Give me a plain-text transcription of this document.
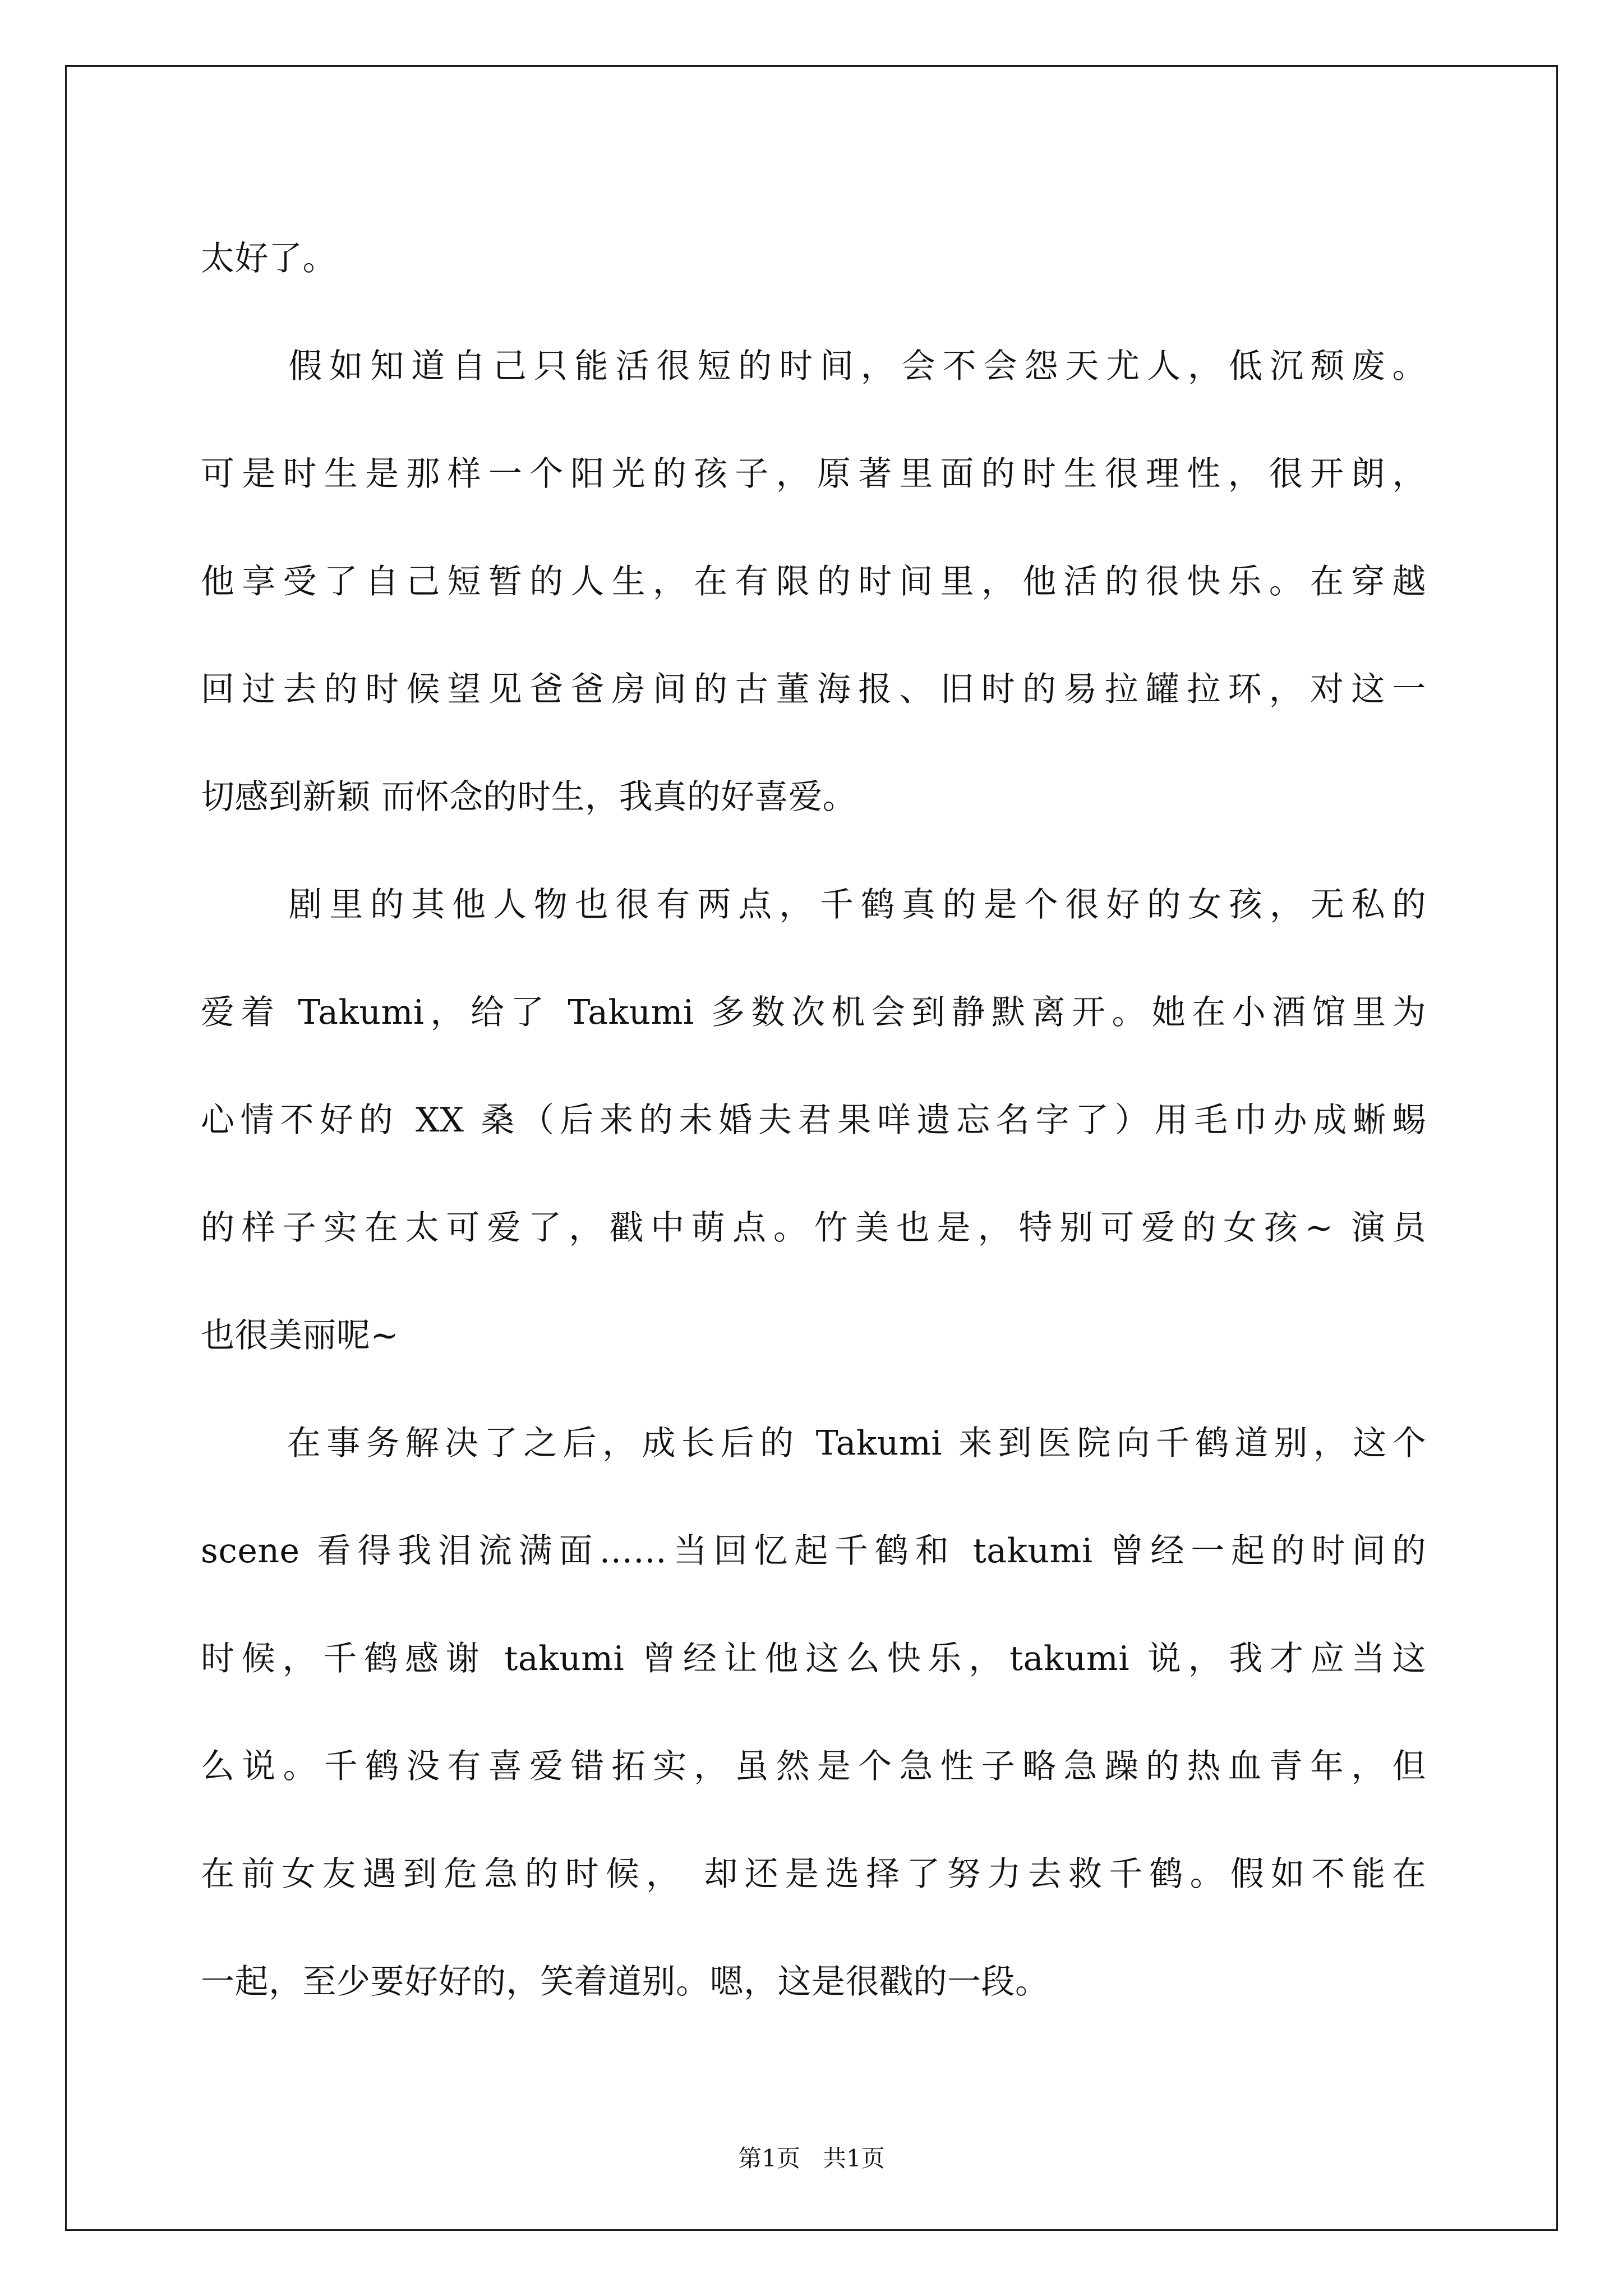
太好了。
假如知道自己只能活很短的时间，会不会怨天尤人，低沉颓废。
可是时生是那样一个阳光的孩子，原著里面的时生很理性，很开朗，
他享受了自己短暂的人生，在有限的时间里，他活的很快乐。在穿越
回过去的时候望见爸爸房间的古董海报、旧时的易拉罐拉环，对这一
切感到新颖 而怀念的时生，我真的好喜爱。
剧里的其他人物也很有两点，千鹤真的是个很好的女孩，无私的
爱着 Takumi，给了 Takumi 多数次机会到静默离开。她在小酒馆里为
心情不好的 XX 桑（后来的未婚夫君果咩遗忘名字了）用毛巾办成蜥蜴
的样子实在太可爱了，戳中萌点。竹美也是，特别可爱的女孩~ 演员
也很美丽呢~
在事务解决了之后，成长后的 Takumi 来到医院向千鹤道别，这个
scene 看得我泪流满面……当回忆起千鹤和 takumi 曾经一起的时间的
时候，千鹤感谢 takumi 曾经让他这么快乐，takumi 说，我才应当这
么说。千鹤没有喜爱错拓实，虽然是个急性子略急躁的热血青年，但
在前女友遇到危急的时候， 却还是选择了努力去救千鹤。假如不能在
一起，至少要好好的，笑着道别。嗯，这是很戳的一段。
第1页   共1页
